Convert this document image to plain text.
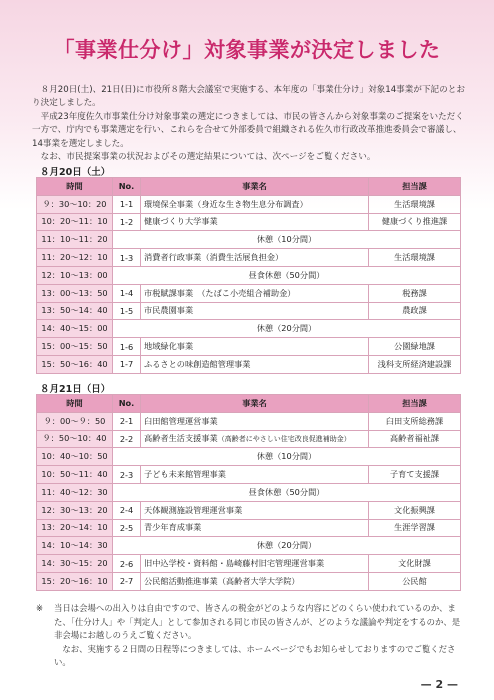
「事業仕分け」対象事業が決定しました

８月20日(土)、21日(日)に市役所８階大会議室で実施する、本年度の「事業仕分け」対象14事業が下記のとおり決定しました。

平成23年度佐久市事業仕分け対象事業の選定につきましては、市民の皆さんから対象事業のご提案をいただく一方で、庁内でも事業選定を行い、これらを合せて外部委員で組織される佐久市行政改革推進委員会で審議し、14事業を選定しました。

なお、市民提案事業の状況およびその選定結果については、次ページをご覧ください。

８月20日（土）
時間	No.	事業名	担当課
９：30～10：20	1-1	環境保全事業（身近な生き物生息分布調査）	生活環境課
10：20～11：10	1-2	健康づくり大学事業	健康づくり推進課
11：10～11：20	休憩（10分間）		
11：20～12：10	1-3	消費者行政事業（消費生活展負担金）	生活環境課
12：10～13：00	昼食休憩（50分間）		
13：00～13：50	1-4	市税賦課事業　（たばこ小売組合補助金）	税務課
13：50～14：40	1-5	市民農園事業	農政課
14：40～15：00	休憩（20分間）		
15：00～15：50	1-6	地域緑化事業	公園緑地課
15：50～16：40	1-7	ふるさとの味創造館管理事業	浅科支所経済建設課
８月21日（日）
時間	No.	事業名	担当課
９：00～９：50	2-1	臼田館管理運営事業	臼田支所総務課
９：50～10：40	2-2	高齢者生活支援事業（高齢者にやさしい住宅改良促進補助金）	高齢者福祉課
10：40～10：50	休憩（10分間）		
10：50～11：40	2-3	子ども未来館管理事業	子育て支援課
11：40～12：30	昼食休憩（50分間）		
12：30～13：20	2-4	天体観測施設管理運営事業	文化振興課
13：20～14：10	2-5	青少年育成事業	生涯学習課
14：10～14：30	休憩（20分間）		
14：30～15：20	2-6	旧中込学校・資料館・島崎藤村旧宅管理運営事業	文化財課
15：20～16：10	2-7	公民館活動推進事業（高齢者大学大学院）	公民館
※ 当日は会場への出入りは自由ですので、皆さんの税金がどのような内容にどのくらい使われているのか、また、「仕分け人」や「判定人」として参加される同じ市民の皆さんが、どのような議論や判定をするのか、是非会場にお越しのうえご覧ください。

なお、実施する２日間の日程等につきましては、ホームページでもお知らせしておりますのでご覧ください。

— 2 —
